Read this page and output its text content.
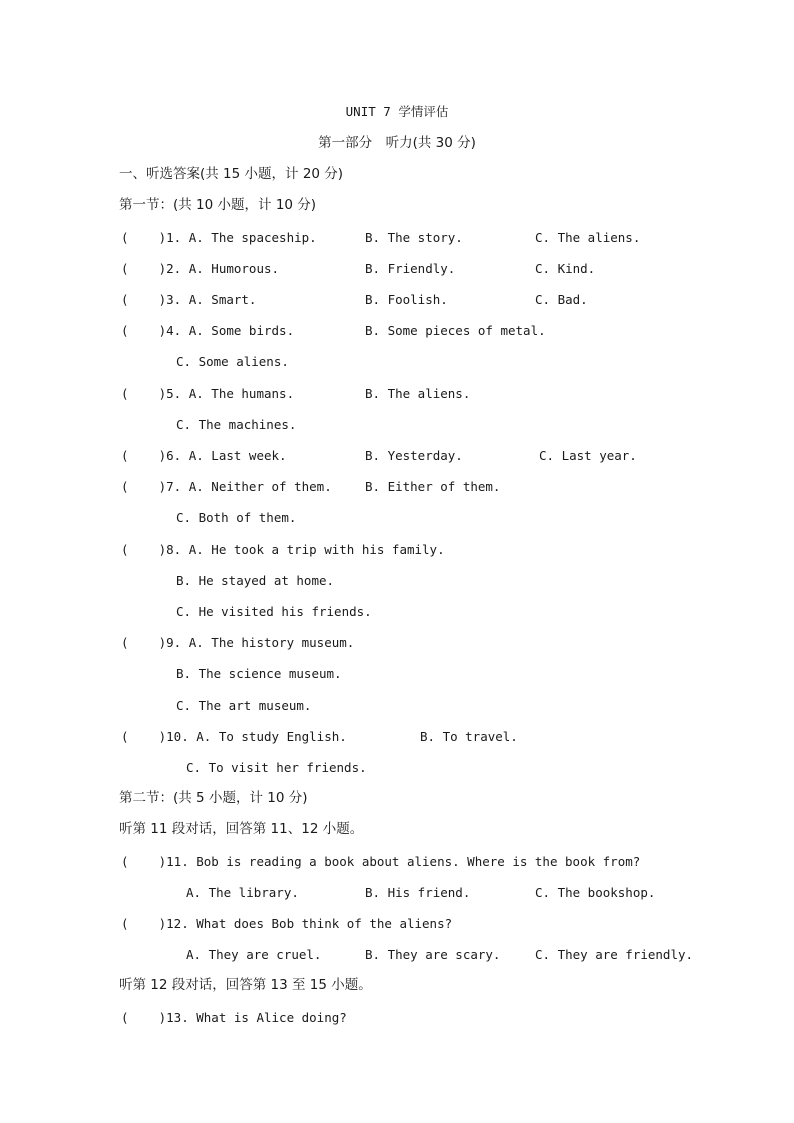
UNIT 7 学情评估
第一部分　听力(共 30 分)
一、听选答案(共 15 小题，计 20 分)
第一节：(共 10 小题，计 10 分)
(    )1. A. The spaceship.	B. The story.	C. The aliens.
(    )2. A. Humorous.	B. Friendly.	C. Kind.
(    )3. A. Smart.	B. Foolish.	C. Bad.
(    )4. A. Some birds.	B. Some pieces of metal.
C. Some aliens.
(    )5. A. The humans.	B. The aliens.
C. The machines.
(    )6. A. Last week.	B. Yesterday.	C. Last year.
(    )7. A. Neither of them.	B. Either of them.
C. Both of them.
(    )8. A. He took a trip with his family.
B. He stayed at home.
C. He visited his friends.
(    )9. A. The history museum.
B. The science museum.
C. The art museum.
(    )10. A. To study English.	B. To travel.
C. To visit her friends.
第二节：(共 5 小题，计 10 分)
听第 11 段对话，回答第 11、12 小题。
(    )11. Bob is reading a book about aliens. Where is the book from?
A. The library.	B. His friend.	C. The bookshop.
(    )12. What does Bob think of the aliens?
A. They are cruel.	B. They are scary.	C. They are friendly.
听第 12 段对话，回答第 13 至 15 小题。
(    )13. What is Alice doing?
